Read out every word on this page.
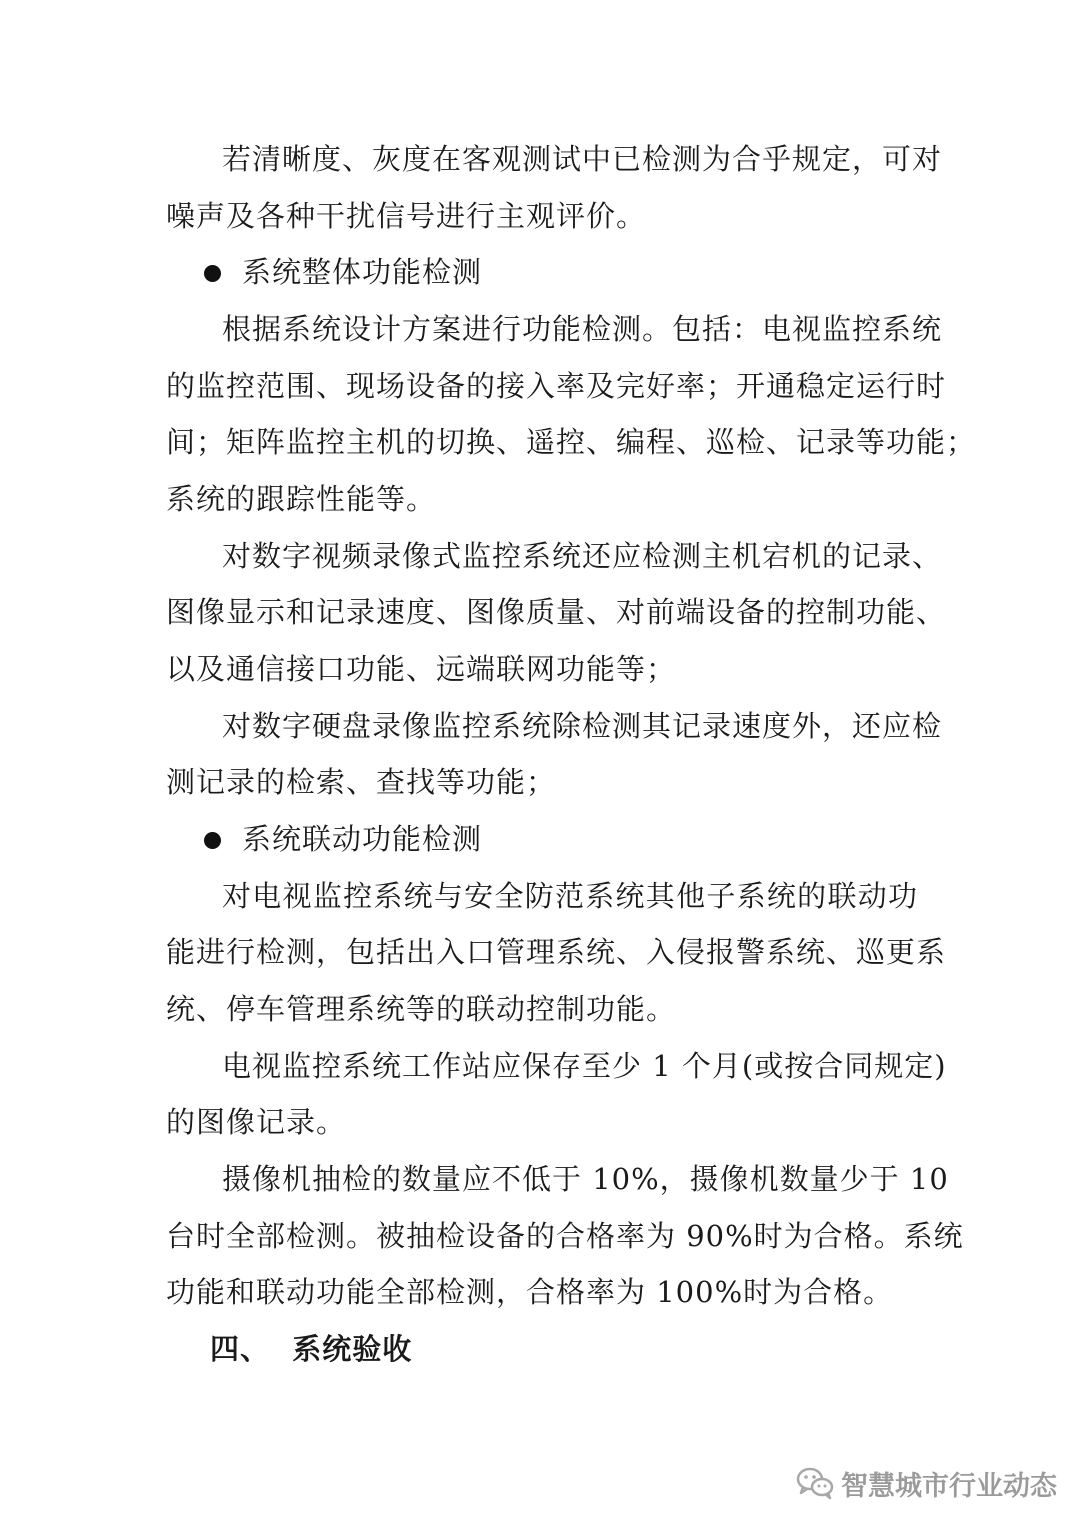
若清晰度、灰度在客观测试中已检测为合乎规定，可对
噪声及各种干扰信号进行主观评价。
系统整体功能检测
根据系统设计方案进行功能检测。包括：电视监控系统
的监控范围、现场设备的接入率及完好率；开通稳定运行时
间；矩阵监控主机的切换、遥控、编程、巡检、记录等功能；
系统的跟踪性能等。
对数字视频录像式监控系统还应检测主机宕机的记录、
图像显示和记录速度、图像质量、对前端设备的控制功能、
以及通信接口功能、远端联网功能等；
对数字硬盘录像监控系统除检测其记录速度外，还应检
测记录的检索、查找等功能；
系统联动功能检测
对电视监控系统与安全防范系统其他子系统的联动功
能进行检测，包括出入口管理系统、入侵报警系统、巡更系
统、停车管理系统等的联动控制功能。
电视监控系统工作站应保存至少 1 个月(或按合同规定)
的图像记录。
摄像机抽检的数量应不低于 10%，摄像机数量少于 10
台时全部检测。被抽检设备的合格率为 90%时为合格。系统
功能和联动功能全部检测，合格率为 100%时为合格。
四、  系统验收
智慧城市行业动态
